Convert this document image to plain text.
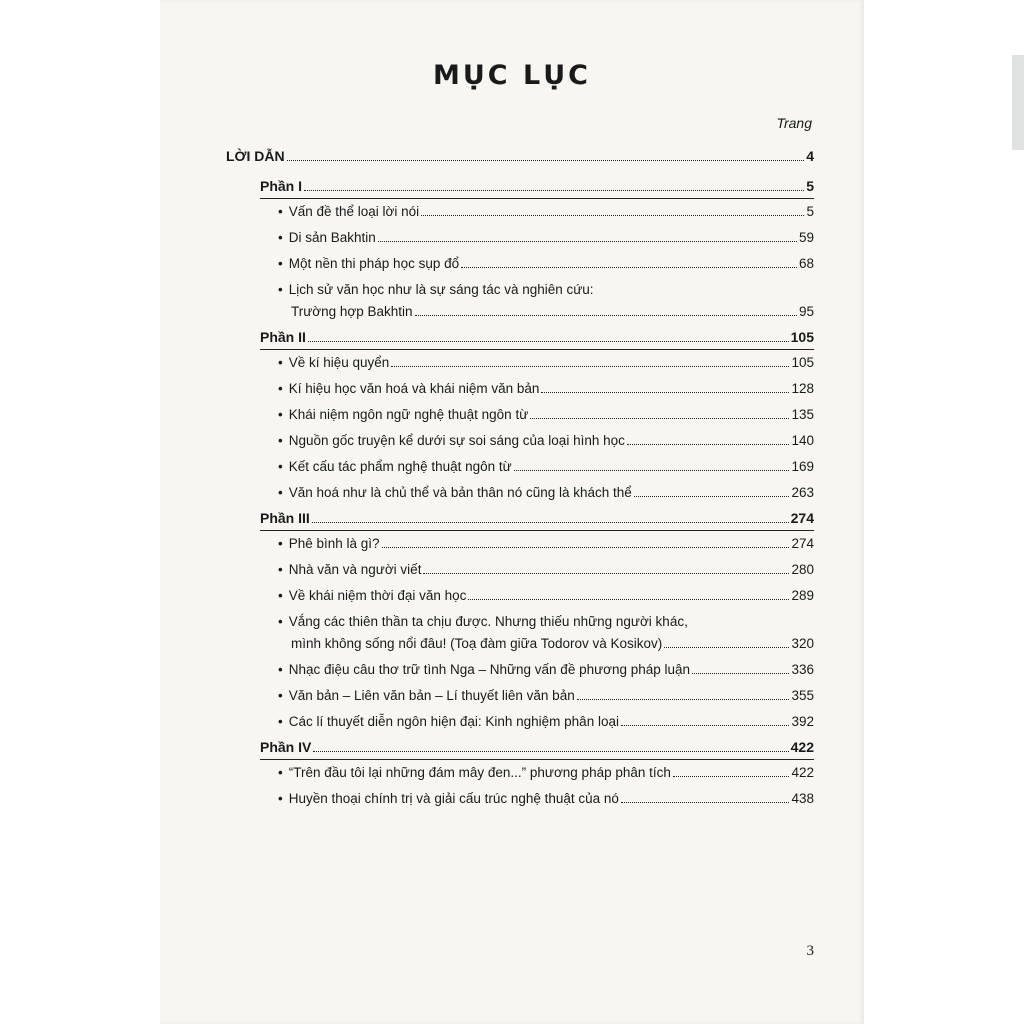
MỤC LỤC
Trang
LỜI DẪN	4
Phần I	5
• Vấn đề thể loại lời nói	5
• Di sản Bakhtin	59
• Một nền thi pháp học sụp đổ	68
• Lịch sử văn học như là sự sáng tác và nghiên cứu:
Trường hợp Bakhtin	95
Phần II	105
• Về kí hiệu quyển	105
• Kí hiệu học văn hoá và khái niệm văn bản	128
• Khái niệm ngôn ngữ nghệ thuật ngôn từ	135
• Nguồn gốc truyện kể dưới sự soi sáng của loại hình học	140
• Kết cấu tác phẩm nghệ thuật ngôn từ	169
• Văn hoá như là chủ thể và bản thân nó cũng là khách thể	263
Phần III	274
• Phê bình là gì?	274
• Nhà văn và người viết	280
• Về khái niệm thời đại văn học	289
• Vắng các thiên thần ta chịu được. Nhưng thiếu những người khác,
mình không sống nổi đâu! (Toạ đàm giữa Todorov và Kosikov)	320
• Nhạc điệu câu thơ trữ tình Nga – Những vấn đề phương pháp luận	336
• Văn bản – Liên văn bản – Lí thuyết liên văn bản	355
• Các lí thuyết diễn ngôn hiện đại: Kinh nghiệm phân loại	392
Phần IV	422
• “Trên đầu tôi lại những đám mây đen...” phương pháp phân tích	422
• Huyền thoại chính trị và giải cấu trúc nghệ thuật của nó	438
3
